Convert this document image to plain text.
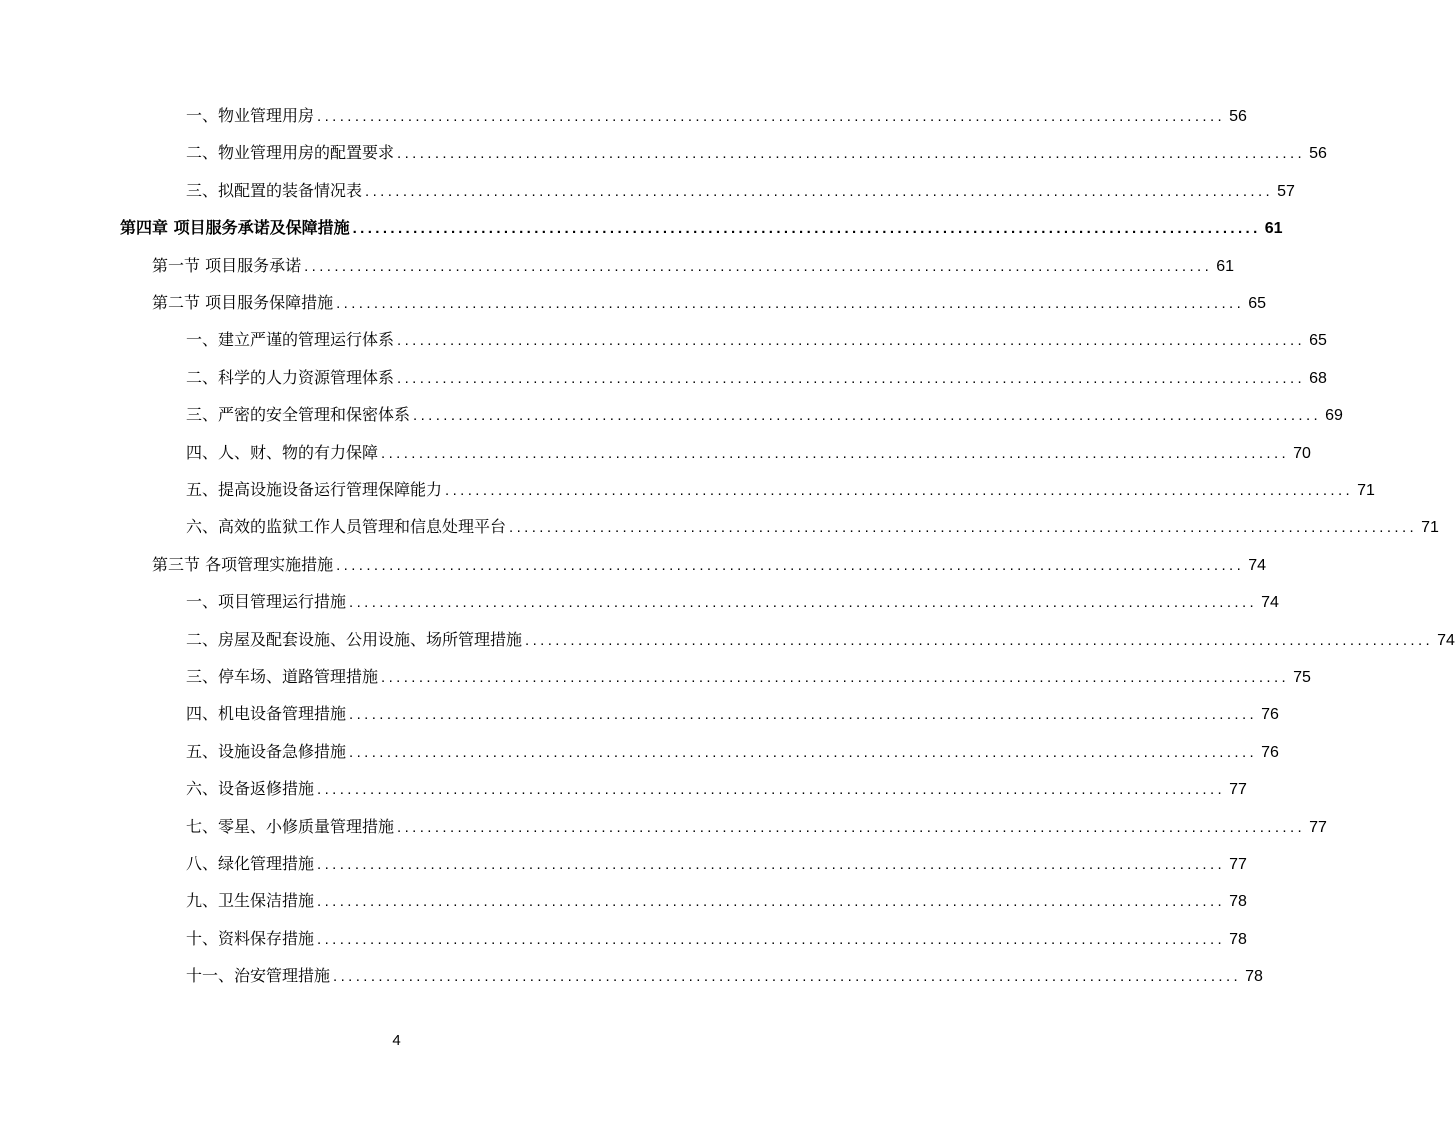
一、物业管理用房 ........................................................................................................................ 56
二、物业管理用房的配置要求 ........................................................................................................................ 56
三、拟配置的装备情况表 ........................................................................................................................ 57
第四章 项目服务承诺及保障措施 ........................................................................................................................ 61
第一节 项目服务承诺 ........................................................................................................................ 61
第二节 项目服务保障措施 ........................................................................................................................ 65
一、建立严谨的管理运行体系 ........................................................................................................................ 65
二、科学的人力资源管理体系 ........................................................................................................................ 68
三、严密的安全管理和保密体系 ........................................................................................................................ 69
四、人、财、物的有力保障 ........................................................................................................................ 70
五、提高设施设备运行管理保障能力 ........................................................................................................................ 71
六、高效的监狱工作人员管理和信息处理平台 ........................................................................................................................ 71
第三节 各项管理实施措施 ........................................................................................................................ 74
一、项目管理运行措施 ........................................................................................................................ 74
二、房屋及配套设施、公用设施、场所管理措施 ........................................................................................................................ 74
三、停车场、道路管理措施 ........................................................................................................................ 75
四、机电设备管理措施 ........................................................................................................................ 76
五、设施设备急修措施 ........................................................................................................................ 76
六、设备返修措施 ........................................................................................................................ 77
七、零星、小修质量管理措施 ........................................................................................................................ 77
八、绿化管理措施 ........................................................................................................................ 77
九、卫生保洁措施 ........................................................................................................................ 78
十、资料保存措施 ........................................................................................................................ 78
十一、治安管理措施 ........................................................................................................................ 78
4
